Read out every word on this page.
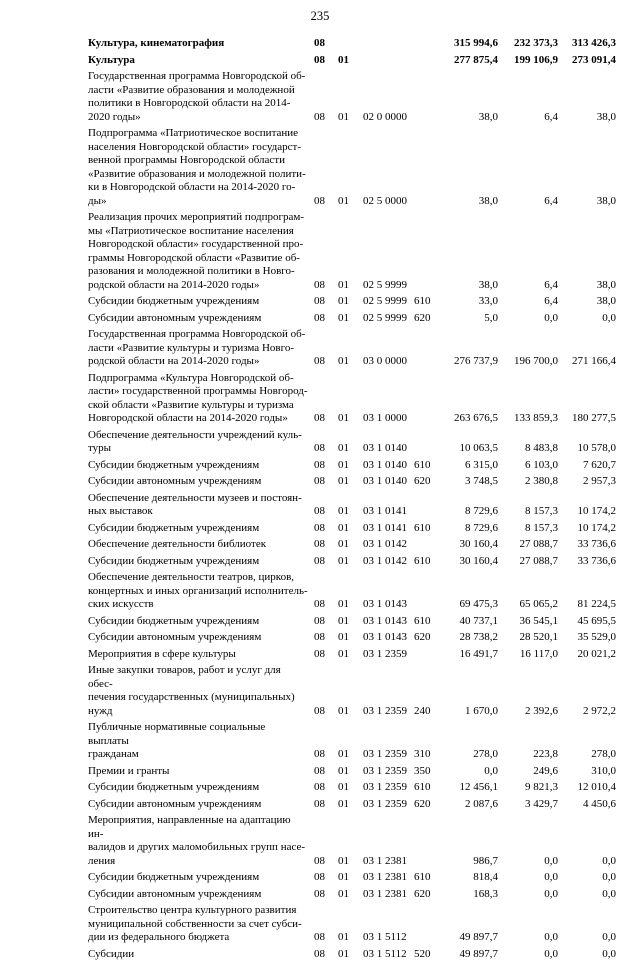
235
Культура, кинематография	08	315 994,6	232 373,3	313 426,3
Культура	08 01	277 875,4	199 106,9	273 091,4
Государственная программа Новгородской об-
ласти «Развитие образования и молодежной
политики в Новгородской области на 2014-
2020 годы»	08 01 02 0 0000	38,0	6,4	38,0
Подпрограмма «Патриотическое воспитание
населения Новгородской области» государст-
венной программы Новгородской области
«Развитие образования и молодежной полити-
ки в Новгородской области на 2014-2020 го-
ды»	08 01 02 5 0000	38,0	6,4	38,0
Реализация прочих мероприятий подпрограм-
мы «Патриотическое воспитание населения
Новгородской области» государственной про-
граммы Новгородской области «Развитие об-
разования и молодежной политики в Новго-
родской области на 2014-2020 годы»	08 01 02 5 9999	38,0	6,4	38,0
Субсидии бюджетным учреждениям	08 01 02 5 9999 610	33,0	6,4	38,0
Субсидии автономным учреждениям	08 01 02 5 9999 620	5,0	0,0	0,0
Государственная программа Новгородской об-
ласти «Развитие культуры и туризма Новго-
родской области на 2014-2020 годы»	08 01 03 0 0000	276 737,9	196 700,0	271 166,4
Подпрограмма «Культура Новгородской об-
ласти» государственной программы Новгород-
ской области «Развитие культуры и туризма
Новгородской области на 2014-2020 годы»	08 01 03 1 0000	263 676,5	133 859,3	180 277,5
Обеспечение деятельности учреждений куль-
туры	08 01 03 1 0140	10 063,5	8 483,8	10 578,0
Субсидии бюджетным учреждениям	08 01 03 1 0140 610	6 315,0	6 103,0	7 620,7
Субсидии автономным учреждениям	08 01 03 1 0140 620	3 748,5	2 380,8	2 957,3
Обеспечение деятельности музеев и постоян-
ных выставок	08 01 03 1 0141	8 729,6	8 157,3	10 174,2
Субсидии бюджетным учреждениям	08 01 03 1 0141 610	8 729,6	8 157,3	10 174,2
Обеспечение деятельности библиотек	08 01 03 1 0142	30 160,4	27 088,7	33 736,6
Субсидии бюджетным учреждениям	08 01 03 1 0142 610	30 160,4	27 088,7	33 736,6
Обеспечение деятельности театров, цирков,
концертных и иных организаций исполнитель-
ских искусств	08 01 03 1 0143	69 475,3	65 065,2	81 224,5
Субсидии бюджетным учреждениям	08 01 03 1 0143 610	40 737,1	36 545,1	45 695,5
Субсидии автономным учреждениям	08 01 03 1 0143 620	28 738,2	28 520,1	35 529,0
Мероприятия в сфере культуры	08 01 03 1 2359	16 491,7	16 117,0	20 021,2
Иные закупки товаров, работ и услуг для обес-
печения государственных (муниципальных)
нужд	08 01 03 1 2359 240	1 670,0	2 392,6	2 972,2
Публичные нормативные социальные выплаты
гражданам	08 01 03 1 2359 310	278,0	223,8	278,0
Премии и гранты	08 01 03 1 2359 350	0,0	249,6	310,0
Субсидии бюджетным учреждениям	08 01 03 1 2359 610	12 456,1	9 821,3	12 010,4
Субсидии автономным учреждениям	08 01 03 1 2359 620	2 087,6	3 429,7	4 450,6
Мероприятия, направленные на адаптацию ин-
валидов и других маломобильных групп насе-
ления	08 01 03 1 2381	986,7	0,0	0,0
Субсидии бюджетным учреждениям	08 01 03 1 2381 610	818,4	0,0	0,0
Субсидии автономным учреждениям	08 01 03 1 2381 620	168,3	0,0	0,0
Строительство центра культурного развития
муниципальной собственности за счет субси-
дии из федерального бюджета	08 01 03 1 5112	49 897,7	0,0	0,0
Субсидии	08 01 03 1 5112 520	49 897,7	0,0	0,0
